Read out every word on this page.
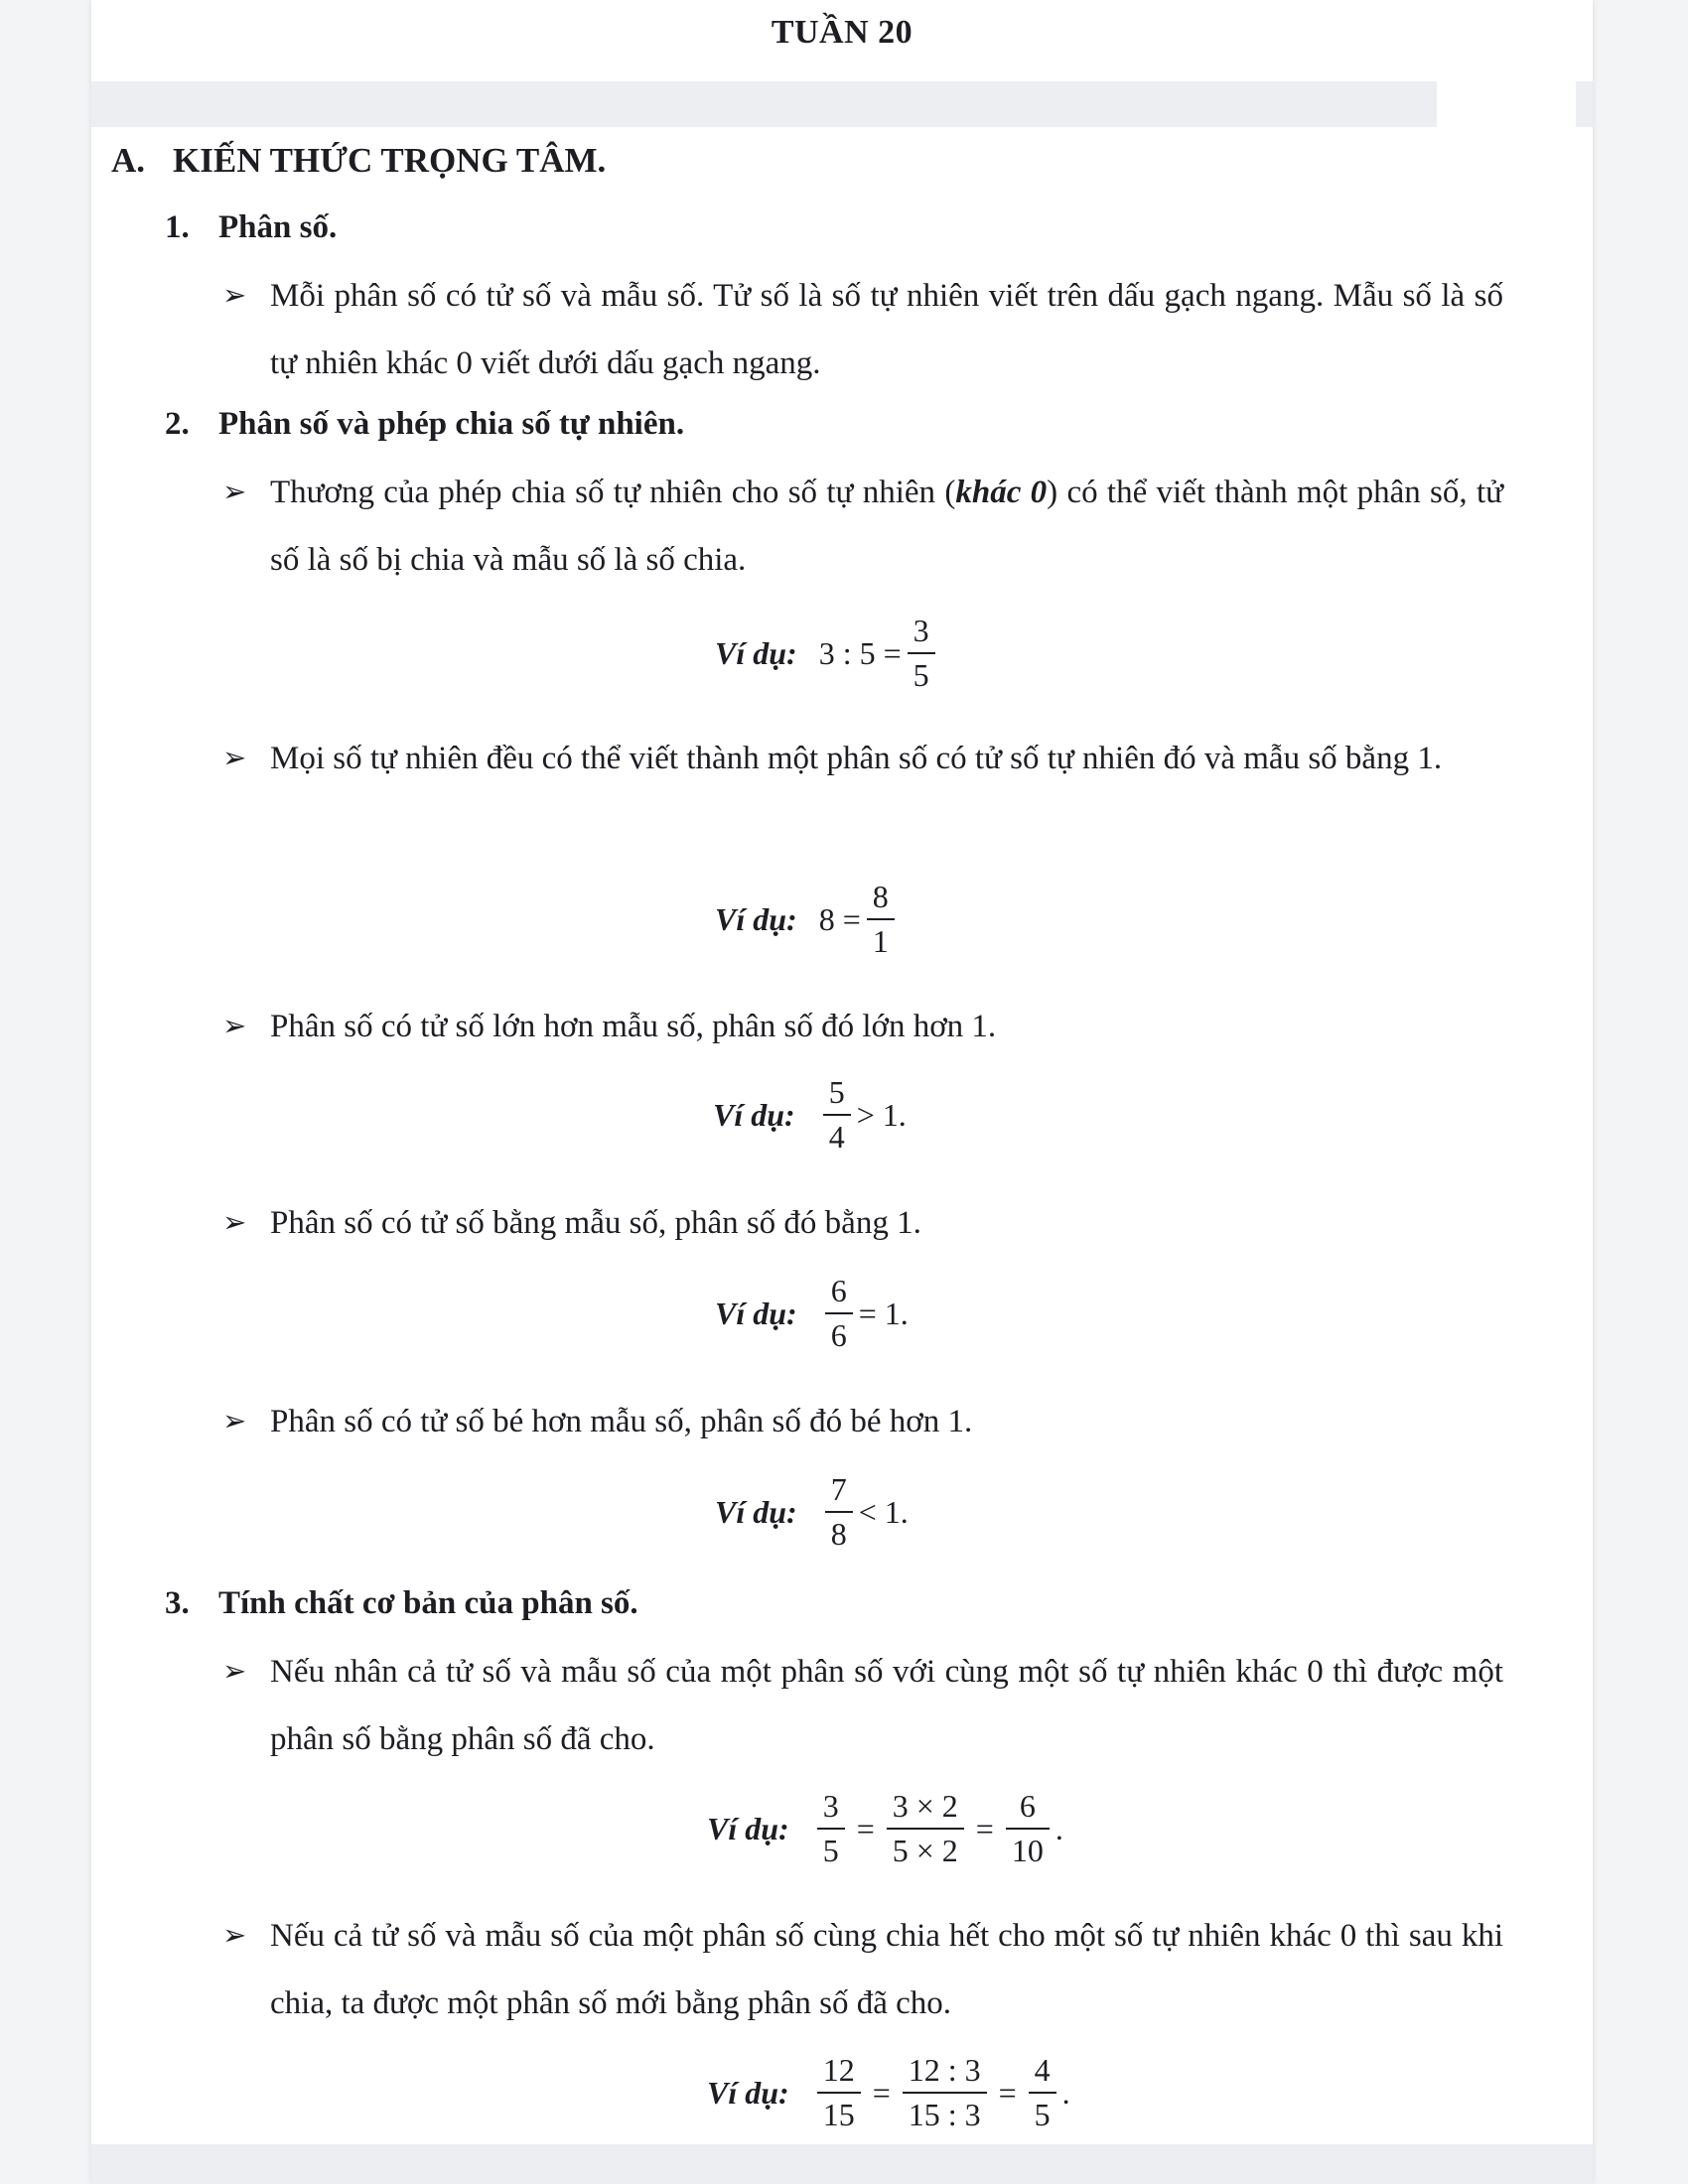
TUẦN 20
A. KIẾN THỨC TRỌNG TÂM.
1. Phân số.
➢ Mỗi phân số có tử số và mẫu số. Tử số là số tự nhiên viết trên dấu gạch ngang. Mẫu số là số tự nhiên khác 0 viết dưới dấu gạch ngang.
2. Phân số và phép chia số tự nhiên.
➢ Thương của phép chia số tự nhiên cho số tự nhiên (khác 0) có thể viết thành một phân số, tử số là số bị chia và mẫu số là số chia.
Ví dụ: 3 : $5 = \frac{3}{5}$
➢ Mọi số tự nhiên đều có thể viết thành một phân số có tử số tự nhiên đó và mẫu số bằng 1.
Ví dụ: $8 = \frac{8}{1}$
➢ Phân số có tử số lớn hơn mẫu số, phân số đó lớn hơn 1.
Ví dụ: $\frac{5}{4} > 1$.
➢ Phân số có tử số bằng mẫu số, phân số đó bằng 1.
Ví dụ: $\frac{6}{6} = 1$.
➢ Phân số có tử số bé hơn mẫu số, phân số đó bé hơn 1.
Ví dụ: $\frac{7}{8} < 1$.
3. Tính chất cơ bản của phân số.
➢ Nếu nhân cả tử số và mẫu số của một phân số với cùng một số tự nhiên khác 0 thì được một phân số bằng phân số đã cho.
Ví dụ: $\frac{3}{5} = \frac{3 \times 2}{5 \times 2} = \frac{6}{10}$ .
➢ Nếu cả tử số và mẫu số của một phân số cùng chia hết cho một số tự nhiên khác 0 thì sau khi chia, ta được một phân số mới bằng phân số đã cho.
Ví dụ: $\frac{12}{15} = \frac{12 : 3}{15 : 3} = \frac{4}{5}$ .
